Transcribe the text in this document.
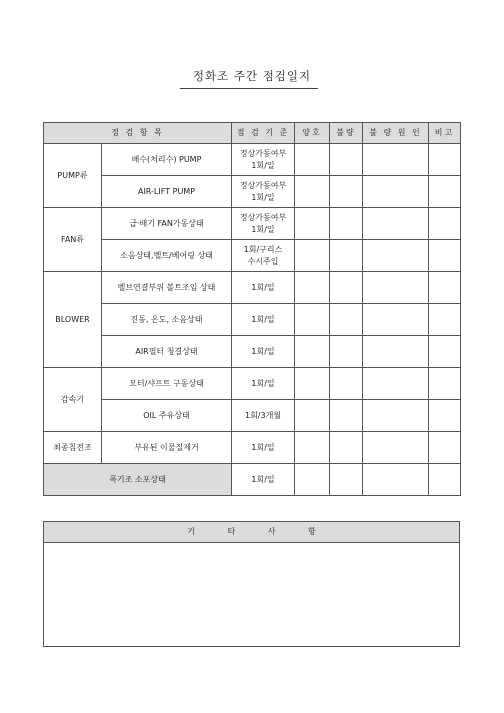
정화조 주간 점검일지
점 검 항 목		점 검 기 준	양호	불량	불 량 원 인	비고
PUMP류	배수(처리수) PUMP	정상가동여부
1회/일				
	AIR-LIFT PUMP	정상가동여부
1회/일				
FAN류	급·배기 FAN가동상태	정상가동여부
1회/일				
	소음상태,벨트/베어링 상태	1회/구리스
수시주입				
BLOWER	벨브연결부위 볼트조임 상태	1회/일				
	진동, 온도, 소음상태	1회/일				
	AIR필터 청결상태	1회/일				
감속기	모터/샤프트 구동상태	1회/일				
	OIL 주유상태	1회/3개월				
최종침전조	부유된 이물질제거	1회/일				
폭기조 소포상태		1회/일				
기 타 사 항
